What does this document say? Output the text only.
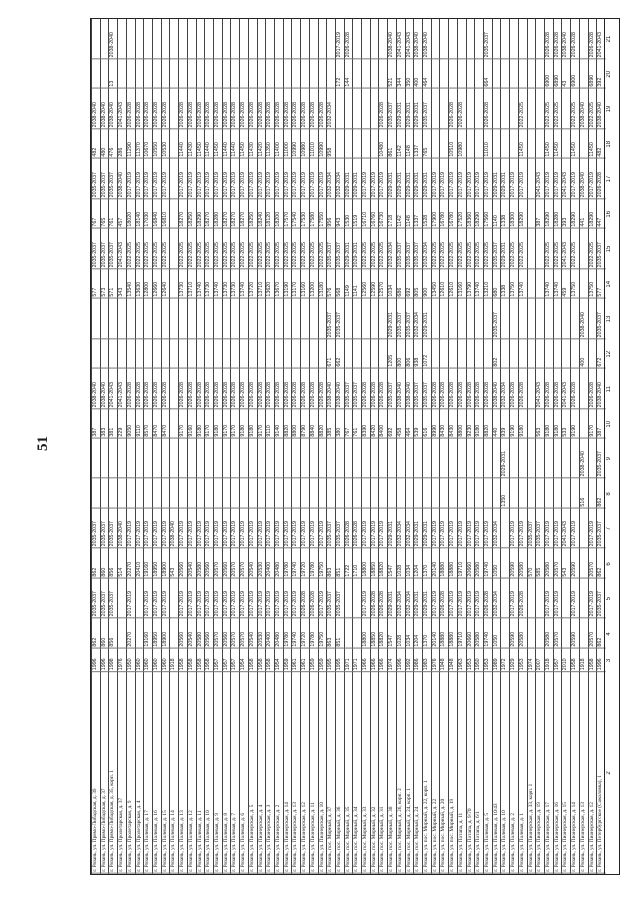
51
г. Рязань, ул. Петербургское (Соколовка), 1
1996
862
2035-2037
862
2035-2037
862
2035-2037
387
2038-2040
672
2035-2037
577
2035-2037
447
2026-2028
482
2038-2040
392
2041-2043
г. Рязань, ул. Пионерская, д. 12
1958
20570
2017-2019
20570
2017-2019
9170
2026-2028
13750
2022-2025
18290
2017-2019
11450
2022-2025
6890
2026-2028
г. Рязань, ул. Пионерская, д. 13
1918
516
2038-2040
400
2038-2040
441
2038-2040
2038-2040
г. Рязань, ул. Пионерская, д. 14
1958
20590
2017-2019
20590
2017-2019
9190
2026-2028
13750
2022-2025
18290
2017-2019
11450
2022-2025
6900
2026-2028
г. Рязань, ул. Пионерская, д. 15
2010
543
2041-2043
533
2041-2043
459
2041-2043
393
2041-2043
43
2038-2040
г. Рязань, ул. Пионерская, д. 16
1957
20570
2017-2019
20570
2017-2019
9180
2026-2028
13740
2022-2025
18280
2017-2019
11450
2022-2025
6890
2026-2028
г. Рязань, ул. Пионерская, д. 17
1918
20580
2017-2019
20580
2017-2019
9180
2026-2028
13740
2022-2025
18290
2017-2019
11450
2022-2025
6900
2026-2028
г. Рязань, ул. Пионерская, д. 19
2007
585
2035-2037
563
2041-2043
387
2041-2043
г. Рязань, ул. Пионерская, д. 33, корп. 1
1974
570
2035-2037
г. Рязань, ул. Полевая, д. 1
1953
20580
2026-2028
20580
2017-2019
9180
2026-2028
13740
2022-2025
18290
2017-2019
11450
2022-2025
г. Рязань, ул. Полевая, д. 2
1929
20590
2017-2019
20590
2017-2019
9190
2026-2028
13750
2022-2025
18300
2017-2019
г. Рязань, ул. Полевая, д. 10
1972
1350
2029-2031
939
2032-2034
1338
2029-2031
1338
2029-2031
г. Рязань, ул. Полевая, д. 10/43
1989
1050
2032-2034
1050
2032-2034
440
2038-2040
802
2035-2037
680
2035-2037
1140
2029-2031
г. Рязань, ул. Полевая, д. 5
1953
19740
2026-2028
19740
2017-2019
8820
2026-2028
13210
2022-2025
17560
2017-2019
11010
2026-2028
664
2035-2037
г. Рязань, ул. Потапа, д. 6/1
1950
20580
2017-2019
20580
2017-2019
9180
2026-2028
13740
2022-2025
18290
2017-2019
г. Рязань, ул. Потапа, д. 9/70
1953
20660
2017-2019
20660
2017-2019
9230
2026-2028
13790
2022-2025
18360
2017-2019
г. Рязань, ул. Потапа, д. 11
1963
19710
2017-2019
19710
2017-2019
8800
2026-2028
13160
2022-2025
17520
2017-2019
10980
2026-2028
г. Рязань, ул. пос. Мирный, д. 19
1948
18880
2017-2019
18880
2017-2019
8430
2026-2028
12610
2022-2025
16780
2017-2019
10510
2026-2028
г. Рязань, ул. пос. Мирный, д. 20
1948
18880
2026-2028
18880
2017-2019
8430
2026-2028
12610
2022-2025
16780
2017-2019
г. Рязань, ул. пос. Мирный, д. 22
1976
20140
2017-2019
20140
2017-2019
8990
2026-2028
13450
2022-2025
17900
2017-2019
г. Рязань, ул. пос. Мирный, д. 22, корп. 1
1983
1370
2029-2031
1370
2029-2031
616
2035-2037
1072
2029-2031
900
2032-2034
1528
2029-2031
765
2035-2037
464
2038-2040
г. Рязань, пос. Мирный, д. 24
1986
1204
2029-2031
1204
2029-2031
539
2035-2037
938
2032-2034
805
2035-2037
1337
2029-2031
1337
2029-2031
400
2038-2040
г. Рязань, пос. Мирный, д. 24, корп. 1
1992
1034
2032-2034
1034
2032-2034
464
2038-2040
806
2035-2037
692
2035-2037
1148
2029-2031
1148
2029-2031
350
2041-2043
г. Рязань, пос. Мирный, д. 26, корп. 2
1996
1028
2032-2034
1028
2032-2034
458
2038-2040
800
2035-2037
686
2035-2037
1142
2029-2031
1142
2029-2031
344
2041-2043
г. Рязань, пос. Мирный, д. 30
1974
1547
2029-2031
1547
2029-2031
692
2035-2037
1205
2029-2031
1034
2032-2034
1718
2029-2031
861
2035-2037
521
2038-2040
г. Рязань, пос. Мирный, д. 31
1966
18820
2026-2028
18820
2017-2019
8400
2026-2028
12570
2022-2025
16730
2017-2019
10480
2026-2028
г. Рязань, пос. Мирный, д. 32
1966
18850
2026-2028
18850
2017-2019
8420
2026-2028
12590
2022-2025
16760
2017-2019
г. Рязань, пос. Мирный, д. 33
1966
18800
2017-2019
18800
2017-2019
8390
2026-2028
12560
2022-2025
16710
2017-2019
г. Рязань, пос. Мирный, д. 34
1971
1710
2026-2028
761
2035-2037
1141
2029-2031
1519
2029-2031
г. Рязань, пос. Мирный, д. 35
1971
1722
2026-2028
767
2035-2037
1149
2029-2031
1530
2029-2031
144
2026-2028
г. Рязань, пос. Мирный, д. 36
1995
851
2035-2037
851
2035-2037
380
2038-2040
662
2035-2037
568
2035-2037
943
2032-2034
172
2017-2019
г. Рязань, пос. Мирный, д. 37
1995
863
2035-2037
863
2035-2037
385
2038-2040
671
2035-2037
576
2035-2037
956
2032-2034
958
2032-2034
г. Рязань, ул. Пионерская, д. 10
1959
19750
2017-2019
19750
2017-2019
8820
2026-2028
13180
2022-2025
17550
2017-2019
10990
2026-2028
г. Рязань, ул. Пионерская, д. 11
1959
19780
2026-2028
19780
2017-2019
8840
2026-2028
13200
2022-2025
17580
2017-2019
11010
2026-2028
г. Рязань, ул. Пионерская, д. 12
1961
19720
2026-2028
19720
2017-2019
8790
2026-2028
13160
2022-2025
17530
2017-2019
10980
2026-2028
г. Рязань, ул. Пионерская, д. 13
1961
19740
2017-2019
19740
2017-2019
8800
2026-2028
13170
2022-2025
17540
2017-2019
10990
2026-2028
г. Рязань, ул. Пионерская, д. 14
1959
19780
2017-2019
19780
2017-2019
8820
2026-2028
13190
2022-2025
17570
2017-2019
11000
2026-2028
г. Рязань, ул. Пионерская, д. 2
1954
20480
2017-2019
20480
2017-2019
9140
2026-2028
13670
2022-2025
18200
2017-2019
11400
2026-2028
г. Рязань, ул. Пионерская, д. 3
1958
20400
2017-2019
20400
2017-2019
9110
2026-2028
13620
2022-2025
18120
2017-2019
11350
2026-2028
г. Рязань, ул. Пионерская, д. 4
1958
20530
2017-2019
20530
2017-2019
9170
2026-2028
13710
2022-2025
18240
2017-2019
11420
2026-2028
г. Рязань, ул. Пионерская, д. 5
1958
20540
2017-2019
20540
2017-2019
9180
2026-2028
13720
2022-2025
18250
2017-2019
11430
2026-2028
г. Рязань, ул. Полевая, д. 6
1954
20570
2017-2019
20570
2017-2019
9180
2026-2028
13740
2022-2025
18270
2017-2019
11450
2026-2028
г. Рязань, ул. Полевая, д. 7
1957
20570
2017-2019
20570
2017-2019
9170
2026-2028
13730
2022-2025
18270
2017-2019
11440
2026-2028
г. Рязань, ул. Полевая, д. 8
1957
20560
2017-2019
20560
2017-2019
9170
2026-2028
13730
2022-2025
18270
2017-2019
11440
2026-2028
г. Рязань, ул. Полевая, д. 9
1957
20570
2017-2019
20570
2017-2019
9180
2026-2028
13740
2022-2025
18280
2017-2019
11450
2026-2028
г. Рязань, ул. Полевая, д. 10
1958
20560
2017-2019
20560
2017-2019
9170
2026-2028
13730
2022-2025
18270
2017-2019
11440
2026-2028
г. Рязань, ул. Полевая, д. 11
1958
20580
2017-2019
20580
2017-2019
9180
2026-2028
13740
2022-2025
18290
2017-2019
11450
2026-2028
г. Рязань, ул. Полевая, д. 12
1958
20540
2017-2019
20540
2017-2019
9160
2026-2028
13710
2022-2025
18250
2017-2019
11430
2026-2028
г. Рязань, ул. Полевая, д. 13
1958
20560
2017-2019
20560
2017-2019
9170
2026-2028
13730
2022-2025
18270
2017-2019
11440
2026-2028
г. Рязань, ул. Полевая, д. 14
1918
543
2038-2040
г. Рязань, ул. Полевая, д. 15
1960
18900
2017-2019
18900
2017-2019
8470
2026-2028
12640
2022-2025
16810
2017-2019
10530
2026-2028
г. Рязань, ул. Полевая, д. 16
1960
18950
2017-2019
18950
2017-2019
8470
2026-2028
12660
2022-2025
16840
2017-2019
10550
2026-2028
г. Рязань, ул. Полевая, д. 17
1960
19160
2017-2019
19160
2017-2019
8570
2026-2028
12800
2022-2025
17030
2017-2019
10670
2026-2028
г. Рязань, ул. Пролетарская, д. 4
1960
20410
2017-2019
9110
2026-2028
13630
2022-2025
18140
2017-2019
11370
2026-2028
г. Рязань, ул. Пролетарская, д. 9
1950
20270
2017-2019
20270
2017-2019
9050
2026-2028
13540
2022-2025
18020
2017-2019
11290
2026-2028
г. Рязань, ул. Пролетарская, д. 37
1976
514
2038-2040
229
2041-2043
343
2041-2043
457
2038-2040
286
2041-2043
г. Рязань, ул. Прямо-Либадская, д. 35, корп. 1
1998
856
2035-2037
856
2035-2037
381
2041-2043
571
2035-2037
761
2035-2037
476
2038-2040
13
2038-2040
г. Рязань, ул. Прямо-Либадская, д. 37
1996
860
2035-2037
860
2035-2037
383
2038-2040
573
2035-2037
765
2035-2037
480
2038-2040
г. Рязань, ул. Прямо-Либадская, д. 39
1996
862
2035-2037
862
2035-2037
387
2038-2040
577
2035-2037
767
2035-2037
482
2038-2040
2
3
4
5
6
7
8
9
10
11
12
13
14
15
16
17
18
19
20
21
